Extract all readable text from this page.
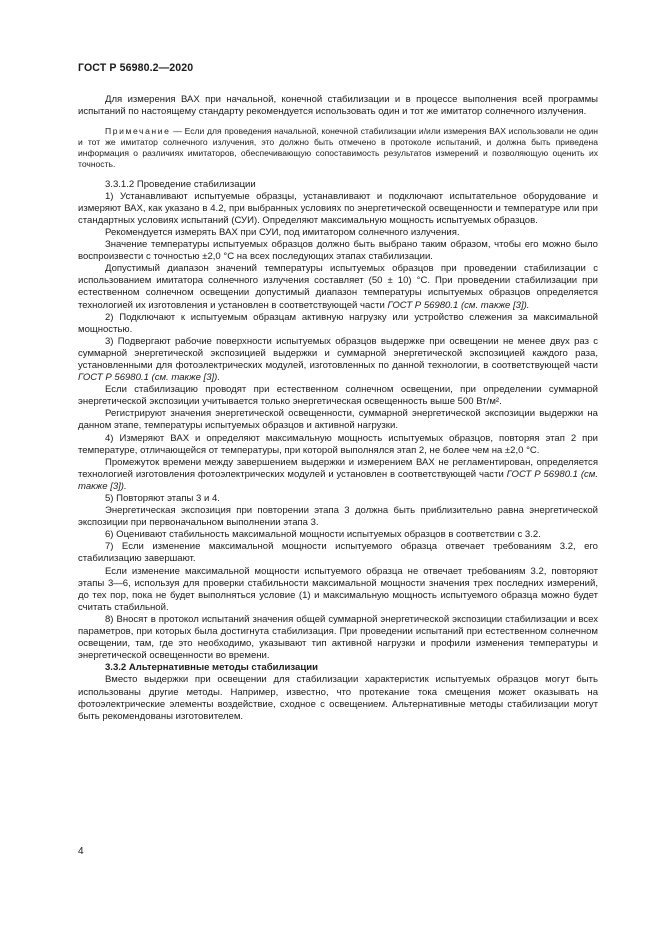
ГОСТ Р 56980.2—2020

Для измерения ВАХ при начальной, конечной стабилизации и в процессе выполнения всей программы испытаний по настоящему стандарту рекомендуется использовать один и тот же имитатор солнечного излучения.

Примечание — Если для проведения начальной, конечной стабилизации и/или измерения ВАХ использовали не один и тот же имитатор солнечного излучения, это должно быть отмечено в протоколе испытаний, и должна быть приведена информация о различиях имитаторов, обеспечивающую сопоставимость результатов измерений и позволяющую оценить их точность.

3.3.1.2 Проведение стабилизации

1) Устанавливают испытуемые образцы, устанавливают и подключают испытательное оборудование и измеряют ВАХ, как указано в 4.2, при выбранных условиях по энергетической освещенности и температуре или при стандартных условиях испытаний (СУИ). Определяют максимальную мощность испытуемых образцов.

Рекомендуется измерять ВАХ при СУИ, под имитатором солнечного излучения.

Значение температуры испытуемых образцов должно быть выбрано таким образом, чтобы его можно было воспроизвести с точностью ±2,0 °С на всех последующих этапах стабилизации.

Допустимый диапазон значений температуры испытуемых образцов при проведении стабилизации с использованием имитатора солнечного излучения составляет (50 ± 10) °С. При проведении стабилизации при естественном солнечном освещении допустимый диапазон температуры испытуемых образцов определяется технологией их изготовления и установлен в соответствующей части ГОСТ Р 56980.1 (см. также [3]).

2) Подключают к испытуемым образцам активную нагрузку или устройство слежения за максимальной мощностью.

3) Подвергают рабочие поверхности испытуемых образцов выдержке при освещении не менее двух раз с суммарной энергетической экспозицией выдержки и суммарной энергетической экспозицией каждого раза, установленными для фотоэлектрических модулей, изготовленных по данной технологии, в соответствующей части ГОСТ Р 56980.1 (см. также [3]).

Если стабилизацию проводят при естественном солнечном освещении, при определении суммарной энергетической экспозиции учитывается только энергетическая освещенность выше 500 Вт/м².

Регистрируют значения энергетической освещенности, суммарной энергетической экспозиции выдержки на данном этапе, температуры испытуемых образцов и активной нагрузки.

4) Измеряют ВАХ и определяют максимальную мощность испытуемых образцов, повторяя этап 2 при температуре, отличающейся от температуры, при которой выполнялся этап 2, не более чем на ±2,0 °С.

Промежуток времени между завершением выдержки и измерением ВАХ не регламентирован, определяется технологией изготовления фотоэлектрических модулей и установлен в соответствующей части ГОСТ Р 56980.1 (см. также [3]).

5) Повторяют этапы 3 и 4.

Энергетическая экспозиция при повторении этапа 3 должна быть приблизительно равна энергетической экспозиции при первоначальном выполнении этапа 3.

6) Оценивают стабильность максимальной мощности испытуемых образцов в соответствии с 3.2.

7) Если изменение максимальной мощности испытуемого образца отвечает требованиям 3.2, его стабилизацию завершают.

Если изменение максимальной мощности испытуемого образца не отвечает требованиям 3.2, повторяют этапы 3—6, используя для проверки стабильности максимальной мощности значения трех последних измерений, до тех пор, пока не будет выполняться условие (1) и максимальную мощность испытуемого образца можно будет считать стабильной.

8) Вносят в протокол испытаний значения общей суммарной энергетической экспозиции стабилизации и всех параметров, при которых была достигнута стабилизация. При проведении испытаний при естественном солнечном освещении, там, где это необходимо, указывают тип активной нагрузки и профили изменения температуры и энергетической освещенности во времени.

3.3.2 Альтернативные методы стабилизации

Вместо выдержки при освещении для стабилизации характеристик испытуемых образцов могут быть использованы другие методы. Например, известно, что протекание тока смещения может оказывать на фотоэлектрические элементы воздействие, сходное с освещением. Альтернативные методы стабилизации могут быть рекомендованы изготовителем.

4
